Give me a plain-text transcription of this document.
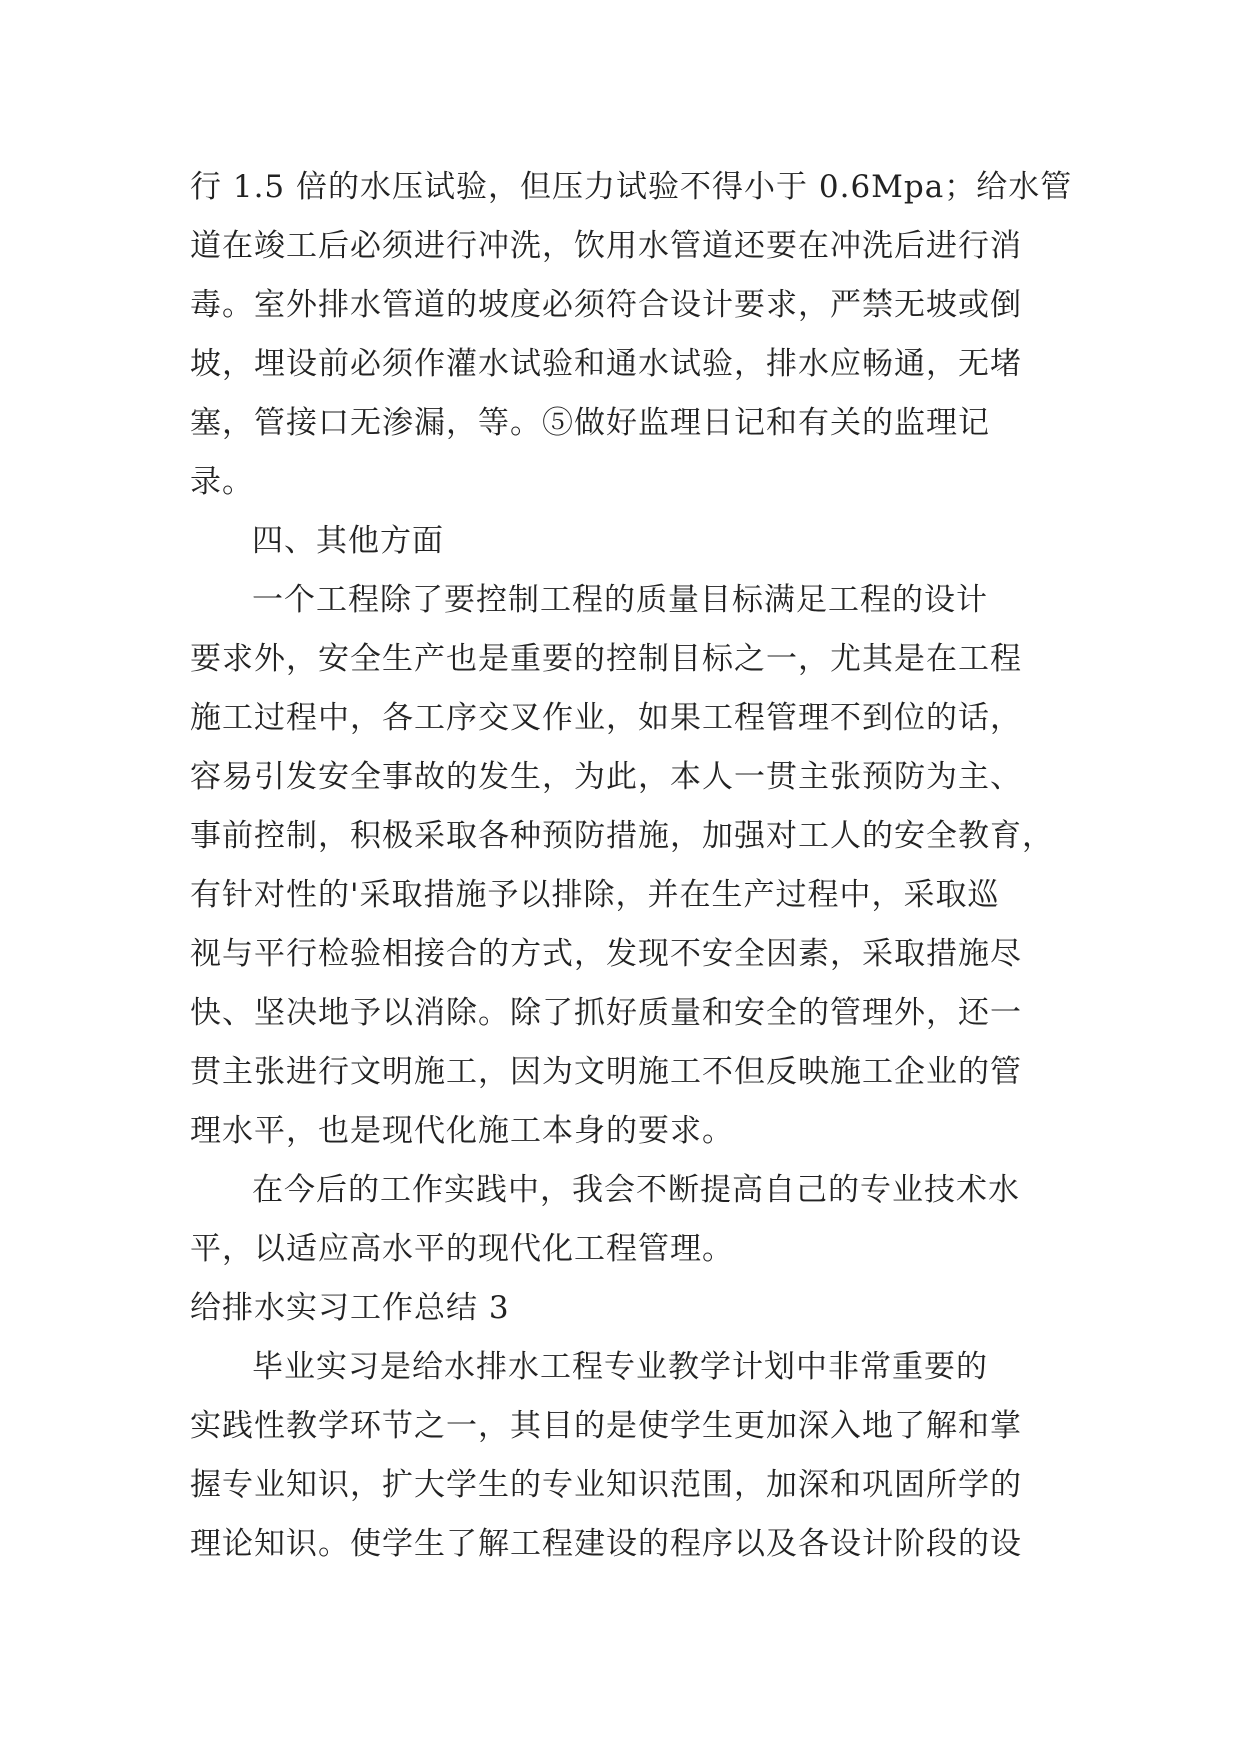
行 1.5 倍的水压试验，但压力试验不得小于 0.6Mpa；给水管
道在竣工后必须进行冲洗，饮用水管道还要在冲洗后进行消
毒。室外排水管道的坡度必须符合设计要求，严禁无坡或倒
坡，埋设前必须作灌水试验和通水试验，排水应畅通，无堵
塞，管接口无渗漏，等。⑤做好监理日记和有关的监理记
录。
四、其他方面
一个工程除了要控制工程的质量目标满足工程的设计
要求外，安全生产也是重要的控制目标之一，尤其是在工程
施工过程中，各工序交叉作业，如果工程管理不到位的话，
容易引发安全事故的发生，为此，本人一贯主张预防为主、
事前控制，积极采取各种预防措施，加强对工人的安全教育，
有针对性的'采取措施予以排除，并在生产过程中，采取巡
视与平行检验相接合的方式，发现不安全因素，采取措施尽
快、坚决地予以消除。除了抓好质量和安全的管理外，还一
贯主张进行文明施工，因为文明施工不但反映施工企业的管
理水平，也是现代化施工本身的要求。
在今后的工作实践中，我会不断提高自己的专业技术水
平，以适应高水平的现代化工程管理。
给排水实习工作总结 3
毕业实习是给水排水工程专业教学计划中非常重要的
实践性教学环节之一，其目的是使学生更加深入地了解和掌
握专业知识，扩大学生的专业知识范围，加深和巩固所学的
理论知识。使学生了解工程建设的程序以及各设计阶段的设
